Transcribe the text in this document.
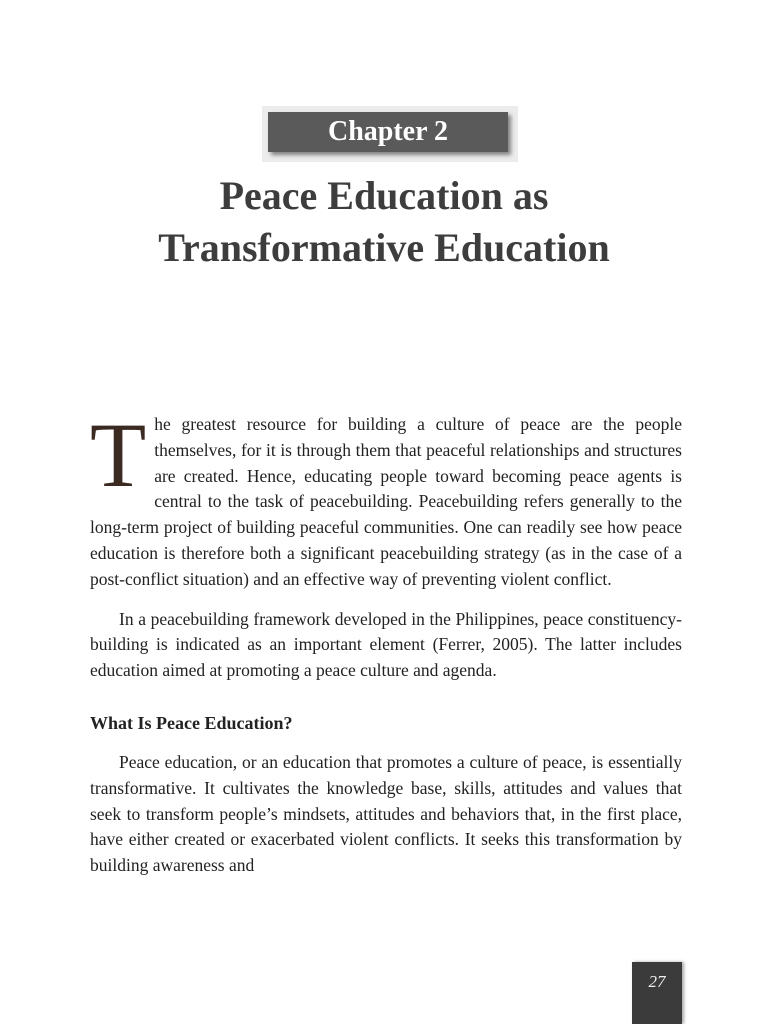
Chapter 2
Peace Education as
Transformative Education

The greatest resource for building a culture of peace are the people themselves, for it is through them that peaceful relationships and structures are created. Hence, educating people toward becoming peace agents is central to the task of peacebuilding. Peacebuilding refers generally to the long-term project of building peaceful communities. One can readily see how peace education is therefore both a significant peacebuilding strategy (as in the case of a post-conflict situation) and an effective way of preventing violent conflict.

In a peacebuilding framework developed in the Philippines, peace constituency-building is indicated as an important element (Ferrer, 2005). The latter includes education aimed at promoting a peace culture and agenda.

What Is Peace Education?

Peace education, or an education that promotes a culture of peace, is essentially transformative. It cultivates the knowledge base, skills, attitudes and values that seek to transform people’s mindsets, attitudes and behaviors that, in the first place, have either created or exacerbated violent conflicts. It seeks this transformation by building awareness and

27
